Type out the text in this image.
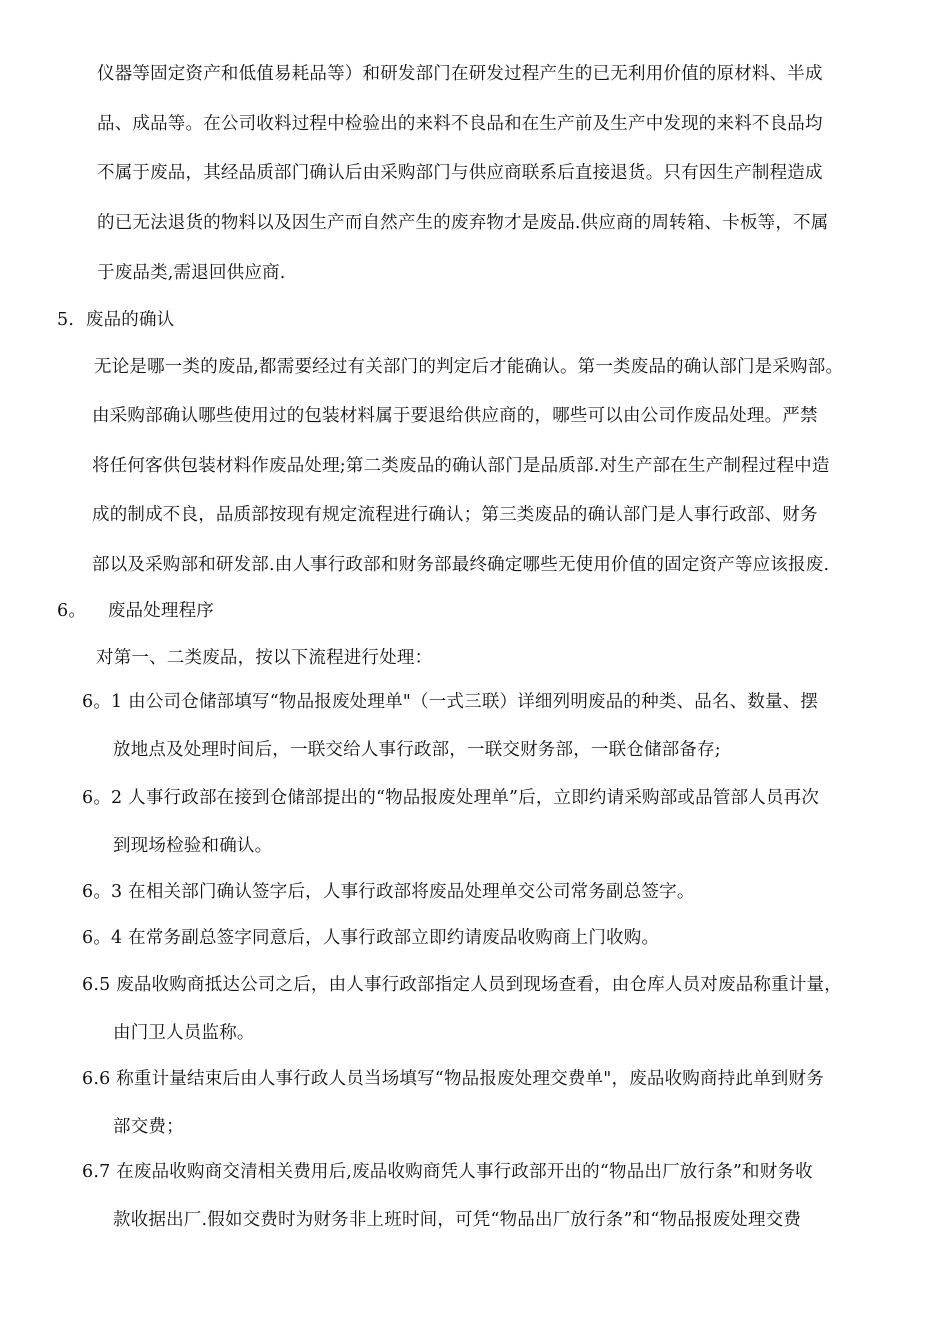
仪器等固定资产和低值易耗品等）和研发部门在研发过程产生的已无利用价值的原材料、半成
品、成品等。在公司收料过程中检验出的来料不良品和在生产前及生产中发现的来料不良品均
不属于废品，其经品质部门确认后由采购部门与供应商联系后直接退货。只有因生产制程造成
的已无法退货的物料以及因生产而自然产生的废弃物才是废品.供应商的周转箱、卡板等，不属
于废品类,需退回供应商.
5. 废品的确认
无论是哪一类的废品,都需要经过有关部门的判定后才能确认。第一类废品的确认部门是采购部。
由采购部确认哪些使用过的包装材料属于要退给供应商的，哪些可以由公司作废品处理。严禁
将任何客供包装材料作废品处理;第二类废品的确认部门是品质部.对生产部在生产制程过程中造
成的制成不良，品质部按现有规定流程进行确认；第三类废品的确认部门是人事行政部、财务
部以及采购部和研发部.由人事行政部和财务部最终确定哪些无使用价值的固定资产等应该报废.
6。 废品处理程序
对第一、二类废品，按以下流程进行处理：
6。1 由公司仓储部填写“物品报废处理单"（一式三联）详细列明废品的种类、品名、数量、摆
放地点及处理时间后，一联交给人事行政部，一联交财务部，一联仓储部备存;
6。2 人事行政部在接到仓储部提出的“物品报废处理单”后，立即约请采购部或品管部人员再次
到现场检验和确认。
6。3 在相关部门确认签字后，人事行政部将废品处理单交公司常务副总签字。
6。4 在常务副总签字同意后，人事行政部立即约请废品收购商上门收购。
6.5 废品收购商抵达公司之后，由人事行政部指定人员到现场查看，由仓库人员对废品称重计量，
由门卫人员监称。
6.6 称重计量结束后由人事行政人员当场填写“物品报废处理交费单"，废品收购商持此单到财务
部交费；
6.7 在废品收购商交清相关费用后,废品收购商凭人事行政部开出的“物品出厂放行条”和财务收
款收据出厂.假如交费时为财务非上班时间，可凭“物品出厂放行条”和“物品报废处理交费
